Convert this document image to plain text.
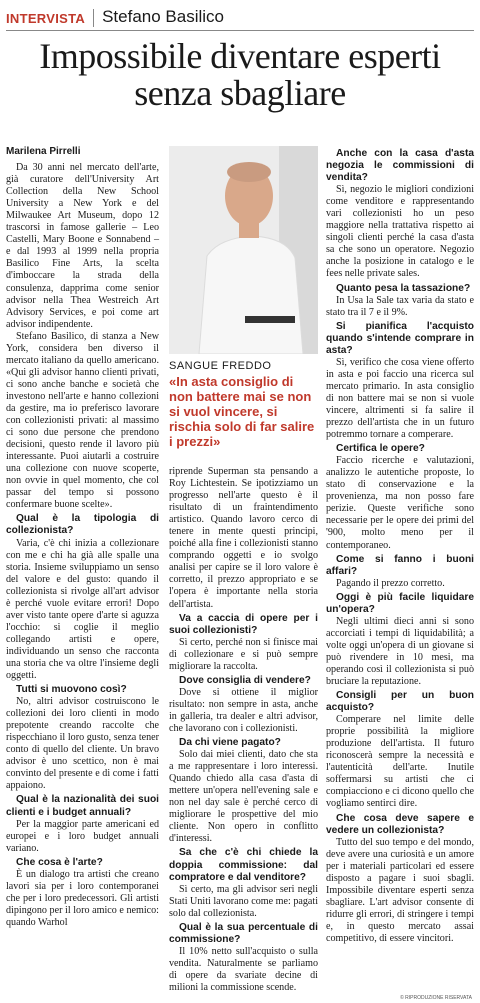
INTERVISTA Stefano Basilico
Impossibile diventare esperti senza sbagliare
Marilena Pirrelli

Da 30 anni nel mercato dell'arte, già curatore dell'University Art Collection della New School University a New York e del Milwaukee Art Museum, dopo 12 trascorsi in famose gallerie – Leo Castelli, Mary Boone e Sonnabend – e dal 1993 al 1999 nella propria Basilico Fine Arts, la scelta d'imboccare la strada della consulenza, dapprima come senior advisor nella Thea Westreich Art Advisory Services, e poi come art advisor indipendente.

Stefano Basilico, di stanza a New York, considera ben diverso il mercato italiano da quello americano. «Qui gli advisor hanno clienti privati, ci sono anche banche e società che investono nell'arte e hanno collezioni da gestire, ma io preferisco lavorare con collezionisti privati: al massimo ci sono due persone che prendono decisioni, questo rende il lavoro più interessante. Puoi aiutarli a costruire una collezione con nuove scoperte, non ovvie in quel momento, che col passar del tempo si possono confermare buone scelte».

Qual è la tipologia di collezionista?

Varia, c'è chi inizia a collezionare con me e chi ha già alle spalle una storia. Insieme sviluppiamo un senso del valore e del gusto: quando il collezionista si rivolge all'art advisor è perché vuole evitare errori! Dopo aver visto tante opere d'arte si aguzza l'occhio: si coglie il meglio collegando artisti e opere, individuando un senso che racconta una storia che va oltre l'insieme degli oggetti.

Tutti si muovono così?

No, altri advisor costruiscono le collezioni dei loro clienti in modo prepotente creando raccolte che rispecchiano il loro gusto, senza tener conto di quello del cliente. Un bravo advisor è uno scetticо, non è mai convinto del presente e di come i fatti appaiono.

Qual è la nazionalità dei suoi clienti e i budget annuali?

Per la maggior parte americani ed europei e i loro budget annuali variano.

Che cosa è l'arte?

È un dialogo tra artisti che creano lavori sia per i loro contemporanei che per i loro predecessori. Gli artisti dipingono per il loro amico e nemico: quando Warhol

SANGUE FREDDO
«In asta consiglio di non battere mai se non si vuol vincere, si rischia solo di far salire i prezzi»

riprende Superman sta pensando a Roy Lichtestein. Se ipotizziamo un progresso nell'arte questo è il risultato di un fraintendimento artistico. Quando lavoro cerco di tenere in mente questi principi, poiché alla fine i collezionisti stanno comprando oggetti e io svolgo analisi per capire se il loro valore è corretto, il prezzo appropriato e se l'opera è importante nella storia dell'artista.

Va a caccia di opere per i suoi collezionisti?

Sì certo, perché non si finisce mai di collezionare e si può sempre migliorare la raccolta.

Dove consiglia di vendere?

Dove si ottiene il miglior risultato: non sempre in asta, anche in galleria, tra dealer e altri advisor, che lavorano con i collezionisti.

Da chi viene pagato?

Solo dai miei clienti, dato che sta a me rappresentare i loro interessi. Quando chiedo alla casa d'asta di mettere un'opera nell'evening sale e non nel day sale è perché cerco di migliorare le prospettive del mio cliente. Non opero in conflitto d'interessi.

Sa che c'è chi chiede la doppia commissione: dal compratore e dal venditore?

Sì certo, ma gli advisor seri negli Stati Uniti lavorano come me: pagati solo dal collezionista.

Qual è la sua percentuale di commissione?

Il 10% netto sull'acquisto o sulla vendita. Naturalmente se parliamo di opere da svariate decine di milioni la commissione scende.

Anche con la casa d'asta negozia le commissioni di vendita?

Sì, negozio le migliori condizioni come venditore e rappresentando vari collezionisti ho un peso maggiore nella trattativa rispetto ai singoli clienti perché la casa d'asta sa che sono un operatore. Negozio anche la posizione in catalogo e le fees nelle private sales.

Quanto pesa la tassazione?

In Usa la Sale tax varia da stato e stato tra il 7 e il 9%.

Si pianifica l'acquisto quando s'intende comprare in asta?

Sì, verifico che cosa viene offerto in asta e poi faccio una ricerca sul mercato primario. In asta consiglio di non battere mai se non si vuole vincere, altrimenti si fa salire il prezzo dell'artista che in un futuro potremmo tornare a comperare.

Certifica le opere?

Faccio ricerche e valutazioni, analizzo le autentiche proposte, lo stato di conservazione e la provenienza, ma non posso fare perizie. Queste verifiche sono necessarie per le opere dei primi del '900, molto meno per il contemporaneo.

Come si fanno i buoni affari?

Pagando il prezzo corretto.

Oggi è più facile liquidare un'opera?

Negli ultimi dieci anni si sono accorciati i tempi di liquidabilità; a volte oggi un'opera di un giovane si può rivendere in 10 mesi, ma operando così il collezionista si può bruciare la reputazione.

Consigli per un buon acquisto?

Comperare nel limite delle proprie possibilità la migliore produzione dell'artista. Il futuro riconoscerà sempre la necessità e l'autenticità dell'arte. Inutile soffermarsi su artisti che ci compiacciono e ci dicono quello che vogliamo sentirci dire.

Che cosa deve sapere e vedere un collezionista?

Tutto del suo tempo e del mondo, deve avere una curiosità e un amore per i materiali particolari ed essere disposto a pagare i suoi sbagli. Impossibile diventare esperti senza sbagliare. L'art advisor consente di ridurre gli errori, di stringere i tempi e, in questo mercato assai competitivo, di essere vincitori.

© RIPRODUZIONE RISERVATA
